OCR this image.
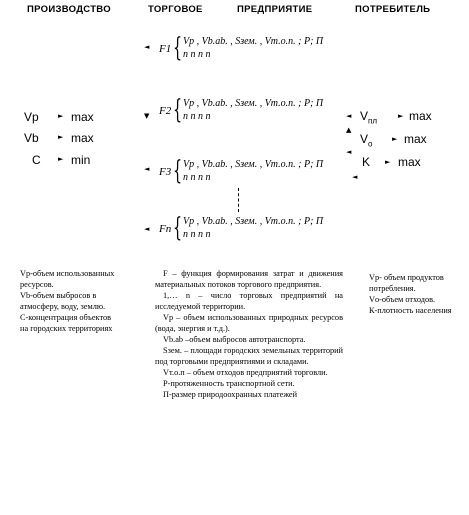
ПРОИЗВОДСТВО	ТОРГОВОЕ	ПРЕДПРИЯТИЕ	ПОТРЕБИТЕЛЬ
Vp	► max
Vb	► max
C ► min
◄ F1 { Vp , Vb.ab. , Sзем. , Vт.о.п. ; P; П
n n n n
▼ F2 { Vp , Vb.ab. , Sзем. , Vт.о.п. ; P; П
n n n n
◄ F3 { Vp , Vb.ab. , Sзем. , Vт.о.п. ; P; П
n n n n
◄ Fn { Vp , Vb.ab. , Sзем. , Vт.о.п. ; P; П
n n n n
◄ $V_{пл}$
► max
▲
$V_о$
► max
◄
K ► max
◄
Vp-объем использованных ресурсов.
Vb-объем выбросов в атмосферу, воду, землю.
С-концентрация объектов на городских территориях
F – функция формирования затрат и движения материальных потоков торгового предприятия.
1,… n – число торговых предприятий на исследуемой территории.
Vp – объем использованных природных ресурсов (вода, энергия и т.д.).
Vb.ab –объем выбросов автотранспорта.
Sзем. – площади городских земельных территорий под торговыми предприятиями и складами.
Vт.о.п – объем отходов предприятий торговли.
Р-протяженность транспортной сети.
П-размер природоохранных платежей
Vр- объем продуктов потребления.
Vо-объем отходов.
К-плотность населения
